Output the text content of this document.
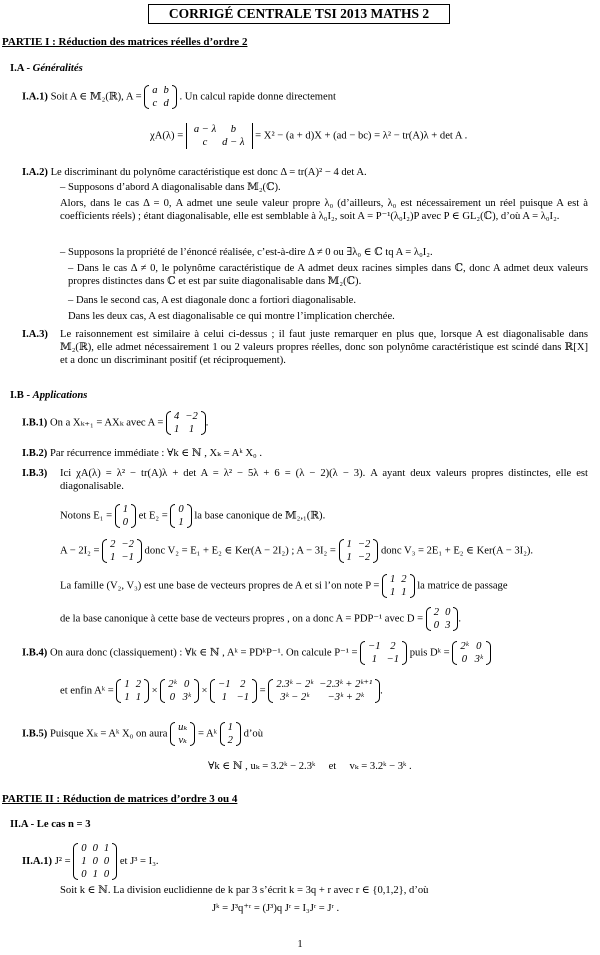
CORRIGÉ CENTRALE TSI 2013 MATHS 2
PARTIE I : Réduction des matrices réelles d’ordre 2
I.A - Généralités
I.A.1) Soit A ∈ 𝕄₂(ℝ), A =
a	b
c	d
. Un calcul rapide donne directement
χA(λ) =
a − λ	b
c	d − λ
= X² − (a + d)X + (ad − bc) = λ² − tr(A)λ + det A .
I.A.2) Le discriminant du polynôme caractéristique est donc Δ = tr(A)² − 4 det A.
– Supposons d’abord A diagonalisable dans 𝕄₂(ℂ).
Alors, dans le cas Δ = 0, A admet une seule valeur propre λ₀ (d’ailleurs, λ₀ est nécessairement un réel puisque A est à coefficients réels) ; étant diagonalisable, elle est semblable à λ₀I₂, soit A = P⁻¹(λ₀I₂)P avec P ∈ GL₂(ℂ), d’où A = λ₀I₂.
– Supposons la propriété de l’énoncé réalisée, c’est-à-dire Δ ≠ 0 ou ∃λ₀ ∈ ℂ tq A = λ₀I₂.
– Dans le cas Δ ≠ 0, le polynôme caractéristique de A admet deux racines simples dans ℂ, donc A admet deux valeurs propres distinctes dans ℂ et est par suite diagonalisable dans 𝕄₂(ℂ).
– Dans le second cas, A est diagonale donc a fortiori diagonalisable.
Dans les deux cas, A est diagonalisable ce qui montre l’implication cherchée.
I.A.3) Le raisonnement est similaire à celui ci-dessus ; il faut juste remarquer en plus que, lorsque A est diagonalisable dans 𝕄₂(ℝ), elle admet nécessairement 1 ou 2 valeurs propres réelles, donc son polynôme caractéristique est scindé dans ℝ[X] et a donc un discriminant positif (et réciproquement).
I.B - Applications
I.B.1) On a Xₖ₊₁ = AXₖ avec A =
4	−2
1	1
.
I.B.2) Par récurrence immédiate : ∀k ∈ ℕ , Xₖ = Aᵏ X₀ .
I.B.3) Ici χA(λ) = λ² − tr(A)λ + det A = λ² − 5λ + 6 = (λ − 2)(λ − 3). A ayant deux valeurs propres distinctes, elle est diagonalisable.
Notons E₁ =
1
0
et E₂ =
0
1
la base canonique de 𝕄₂,₁(ℝ).
A − 2I₂ =
2	−2
1	−1
donc V₂ = E₁ + E₂ ∈ Ker(A − 2I₂) ; A − 3I₂ =
1	−2
1	−2
donc V₃ = 2E₁ + E₂ ∈ Ker(A − 3I₂).
La famille (V₂, V₃) est une base de vecteurs propres de A et si l’on note P =
1	2
1	1
la matrice de passage
de la base canonique à cette base de vecteurs propres , on a donc A = PDP⁻¹ avec D =
2	0
0	3
.
I.B.4) On aura donc (classiquement) : ∀k ∈ ℕ , Aᵏ = PDᵏP⁻¹. On calcule P⁻¹ =
−1	2
1	−1
puis Dᵏ =
2ᵏ	0
0	3ᵏ
et enfin Aᵏ =
1	2
1	1
×
2ᵏ	0
0	3ᵏ
×
−1	2
1	−1
=
2.3ᵏ − 2ᵏ	−2.3ᵏ + 2ᵏ⁺¹
3ᵏ − 2ᵏ	−3ᵏ + 2ᵏ
.
I.B.5) Puisque Xₖ = Aᵏ X₀ on aura
uₖ
vₖ
= Aᵏ
1
2
d’où
∀k ∈ ℕ , uₖ = 3.2ᵏ − 2.3ᵏ     et     vₖ = 3.2ᵏ − 3ᵏ .
PARTIE II : Réduction de matrices d’ordre 3 ou 4
II.A - Le cas n = 3
II.A.1) J² =
0	0	1
1	0	0
0	1	0
et J³ = I₃.
Soit k ∈ ℕ. La division euclidienne de k par 3 s’écrit k = 3q + r avec r ∈ {0,1,2}, d’où
Jᵏ = J³q⁺ʳ = (J³)q Jʳ = I₃Jʳ = Jʳ .
1
